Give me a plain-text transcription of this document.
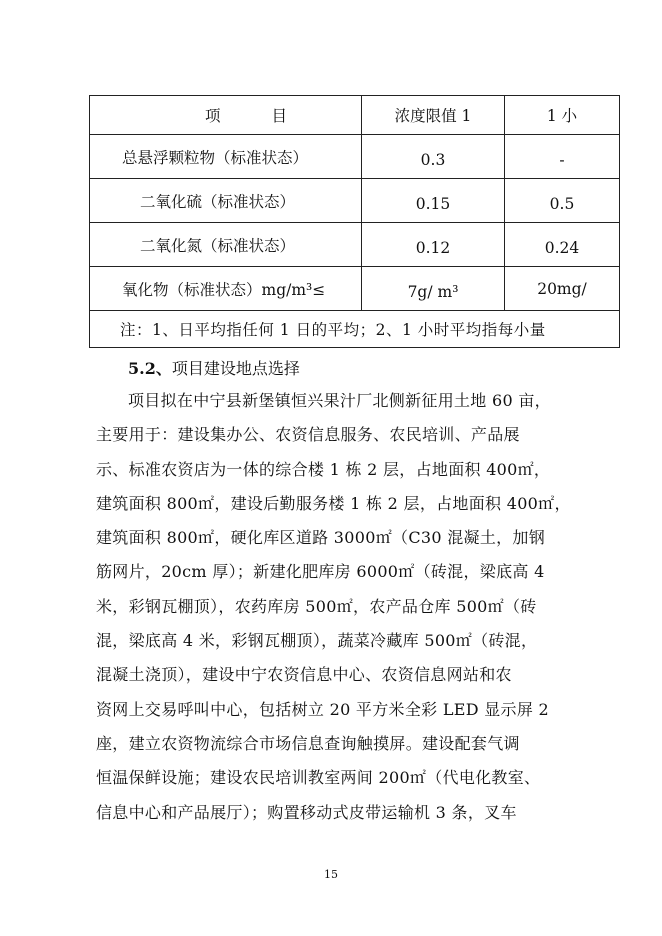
项 目	浓度限值 1	1 小
总悬浮颗粒物（标准状态）	0.3	-
二氧化硫（标准状态）	0.15	0.5
二氧化氮（标准状态）	0.12	0.24
氧化物（标准状态）mg/m³≤	7g/ m³	20mg/
注：1、日平均指任何 1 日的平均；2、1 小时平均指每小量		
5.2、项目建设地点选择
项目拟在中宁县新堡镇恒兴果汁厂北侧新征用土地 60 亩，
主要用于：建设集办公、农资信息服务、农民培训、产品展
示、标准农资店为一体的综合楼 1 栋 2 层，占地面积 400㎡，
建筑面积 800㎡，建设后勤服务楼 1 栋 2 层，占地面积 400㎡，
建筑面积 800㎡，硬化库区道路 3000㎡（C30 混凝土，加钢
筋网片，20cm 厚）；新建化肥库房 6000㎡（砖混，梁底高 4
米，彩钢瓦棚顶），农药库房 500㎡，农产品仓库 500㎡（砖
混，梁底高 4 米，彩钢瓦棚顶），蔬菜冷藏库 500㎡（砖混，
混凝土浇顶），建设中宁农资信息中心、农资信息网站和农
资网上交易呼叫中心，包括树立 20 平方米全彩 LED 显示屏 2
座，建立农资物流综合市场信息查询触摸屏。建设配套气调
恒温保鲜设施；建设农民培训教室两间 200㎡（代电化教室、
信息中心和产品展厅）；购置移动式皮带运输机 3 条，叉车
15
